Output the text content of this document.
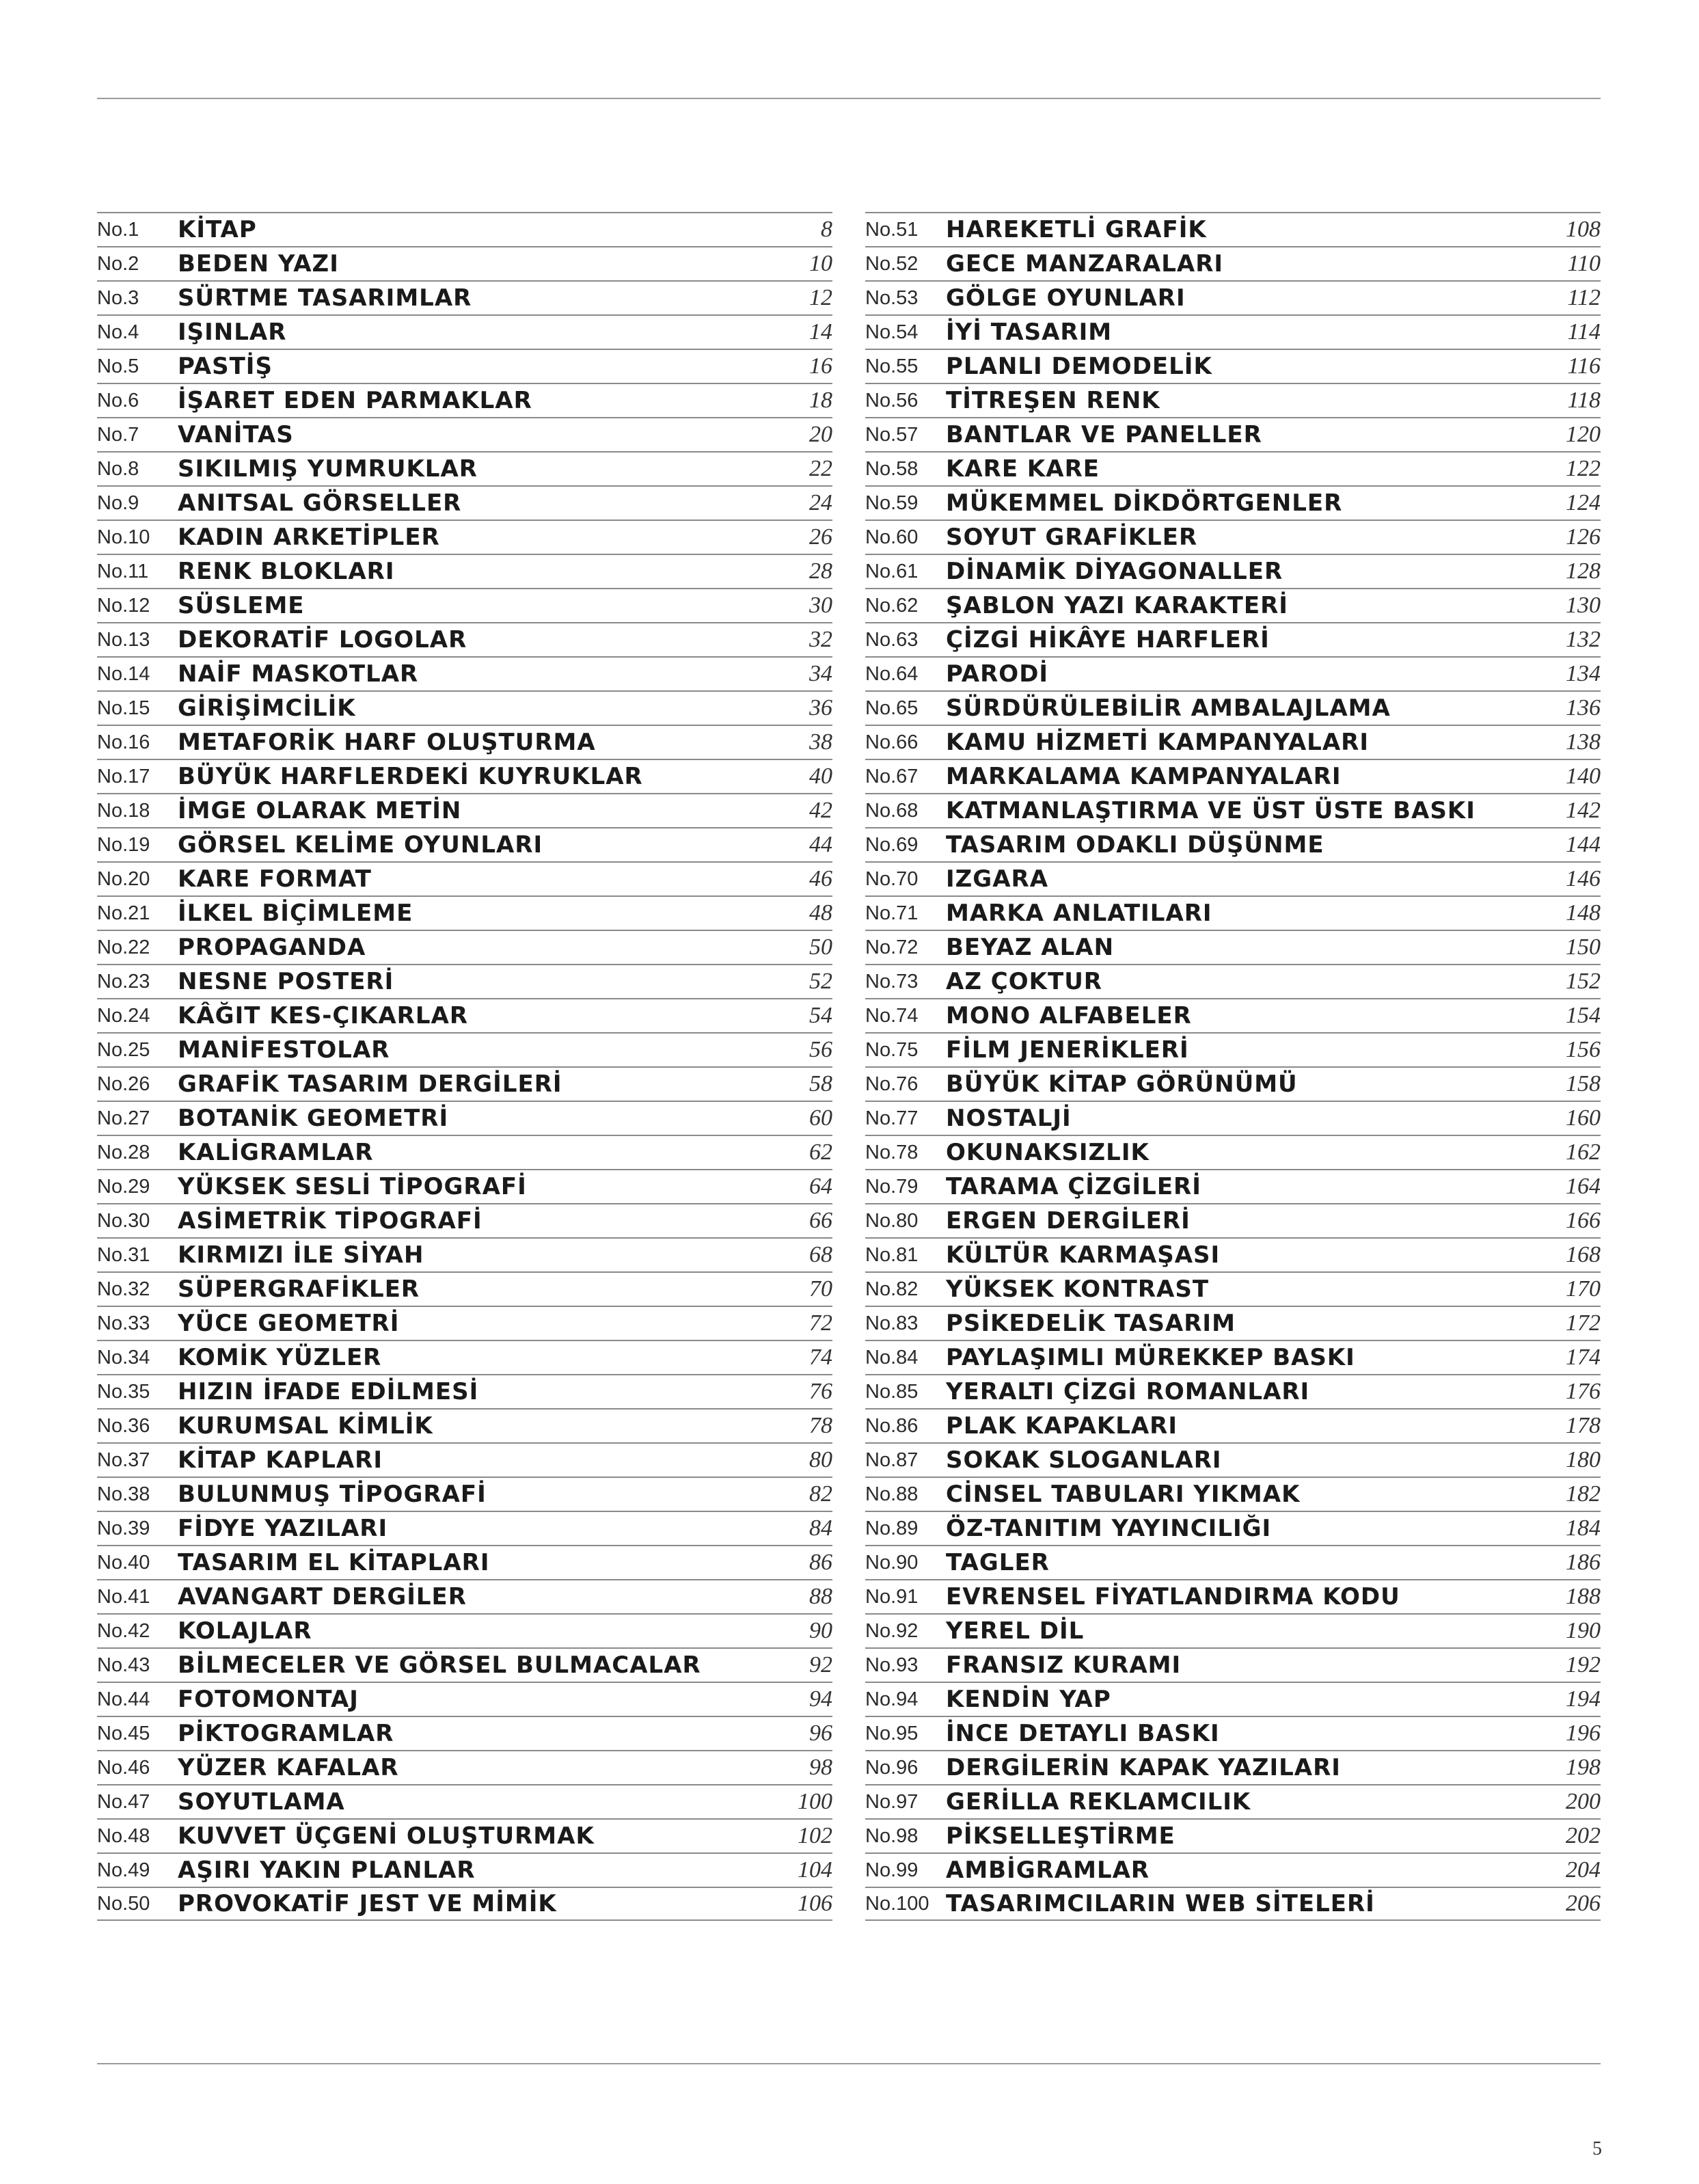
No.1	KİTAP	8
No.2	BEDEN YAZI	10
No.3	SÜRTME TASARIMLAR	12
No.4	IŞINLAR	14
No.5	PASTİŞ	16
No.6	İŞARET EDEN PARMAKLAR	18
No.7	VANİTAS	20
No.8	SIKILMIŞ YUMRUKLAR	22
No.9	ANITSAL GÖRSELLER	24
No.10	KADIN ARKETİPLER	26
No.11	RENK BLOKLARI	28
No.12	SÜSLEME	30
No.13	DEKORATİF LOGOLAR	32
No.14	NAİF MASKOTLAR	34
No.15	GİRİŞİMCİLİK	36
No.16	METAFORİK HARF OLUŞTURMA	38
No.17	BÜYÜK HARFLERDEKİ KUYRUKLAR	40
No.18	İMGE OLARAK METİN	42
No.19	GÖRSEL KELİME OYUNLARI	44
No.20	KARE FORMAT	46
No.21	İLKEL BİÇİMLEME	48
No.22	PROPAGANDA	50
No.23	NESNE POSTERİ	52
No.24	KÂĞIT KES-ÇIKARLAR	54
No.25	MANİFESTOLAR	56
No.26	GRAFİK TASARIM DERGİLERİ	58
No.27	BOTANİK GEOMETRİ	60
No.28	KALİGRAMLAR	62
No.29	YÜKSEK SESLİ TİPOGRAFİ	64
No.30	ASİMETRİK TİPOGRAFİ	66
No.31	KIRMIZI İLE SİYAH	68
No.32	SÜPERGRAFİKLER	70
No.33	YÜCE GEOMETRİ	72
No.34	KOMİK YÜZLER	74
No.35	HIZIN İFADE EDİLMESİ	76
No.36	KURUMSAL KİMLİK	78
No.37	KİTAP KAPLARI	80
No.38	BULUNMUŞ TİPOGRAFİ	82
No.39	FİDYE YAZILARI	84
No.40	TASARIM EL KİTAPLARI	86
No.41	AVANGART DERGİLER	88
No.42	KOLAJLAR	90
No.43	BİLMECELER VE GÖRSEL BULMACALAR	92
No.44	FOTOMONTAJ	94
No.45	PİKTOGRAMLAR	96
No.46	YÜZER KAFALAR	98
No.47	SOYUTLAMA	100
No.48	KUVVET ÜÇGENİ OLUŞTURMAK	102
No.49	AŞIRI YAKIN PLANLAR	104
No.50	PROVOKATİF JEST VE MİMİK	106
No.51	HAREKETLİ GRAFİK	108
No.52	GECE MANZARALARI	110
No.53	GÖLGE OYUNLARI	112
No.54	İYİ TASARIM	114
No.55	PLANLI DEMODELİK	116
No.56	TİTREŞEN RENK	118
No.57	BANTLAR VE PANELLER	120
No.58	KARE KARE	122
No.59	MÜKEMMEL DİKDÖRTGENLER	124
No.60	SOYUT GRAFİKLER	126
No.61	DİNAMİK DİYAGONALLER	128
No.62	ŞABLON YAZI KARAKTERİ	130
No.63	ÇİZGİ HİKÂYE HARFLERİ	132
No.64	PARODİ	134
No.65	SÜRDÜRÜLEBİLİR AMBALAJLAMA	136
No.66	KAMU HİZMETİ KAMPANYALARI	138
No.67	MARKALAMA KAMPANYALARI	140
No.68	KATMANLAŞTIRMA VE ÜST ÜSTE BASKI	142
No.69	TASARIM ODAKLI DÜŞÜNME	144
No.70	IZGARA	146
No.71	MARKA ANLATILARI	148
No.72	BEYAZ ALAN	150
No.73	AZ ÇOKTUR	152
No.74	MONO ALFABELER	154
No.75	FİLM JENERİKLERİ	156
No.76	BÜYÜK KİTAP GÖRÜNÜMÜ	158
No.77	NOSTALJİ	160
No.78	OKUNAKSIZLIK	162
No.79	TARAMA ÇİZGİLERİ	164
No.80	ERGEN DERGİLERİ	166
No.81	KÜLTÜR KARMAŞASI	168
No.82	YÜKSEK KONTRAST	170
No.83	PSİKEDELİK TASARIM	172
No.84	PAYLAŞIMLI MÜREKKEP BASKI	174
No.85	YERALTI ÇİZGİ ROMANLARI	176
No.86	PLAK KAPAKLARI	178
No.87	SOKAK SLOGANLARI	180
No.88	CİNSEL TABULARI YIKMAK	182
No.89	ÖZ-TANITIM YAYINCILIĞI	184
No.90	TAGLER	186
No.91	EVRENSEL FİYATLANDIRMA KODU	188
No.92	YEREL DİL	190
No.93	FRANSIZ KURAMI	192
No.94	KENDİN YAP	194
No.95	İNCE DETAYLI BASKI	196
No.96	DERGİLERİN KAPAK YAZILARI	198
No.97	GERİLLA REKLAMCILIK	200
No.98	PİKSELLEŞTİRME	202
No.99	AMBİGRAMLAR	204
No.100 TASARIMCILARIN WEB SİTELERİ	206
5
